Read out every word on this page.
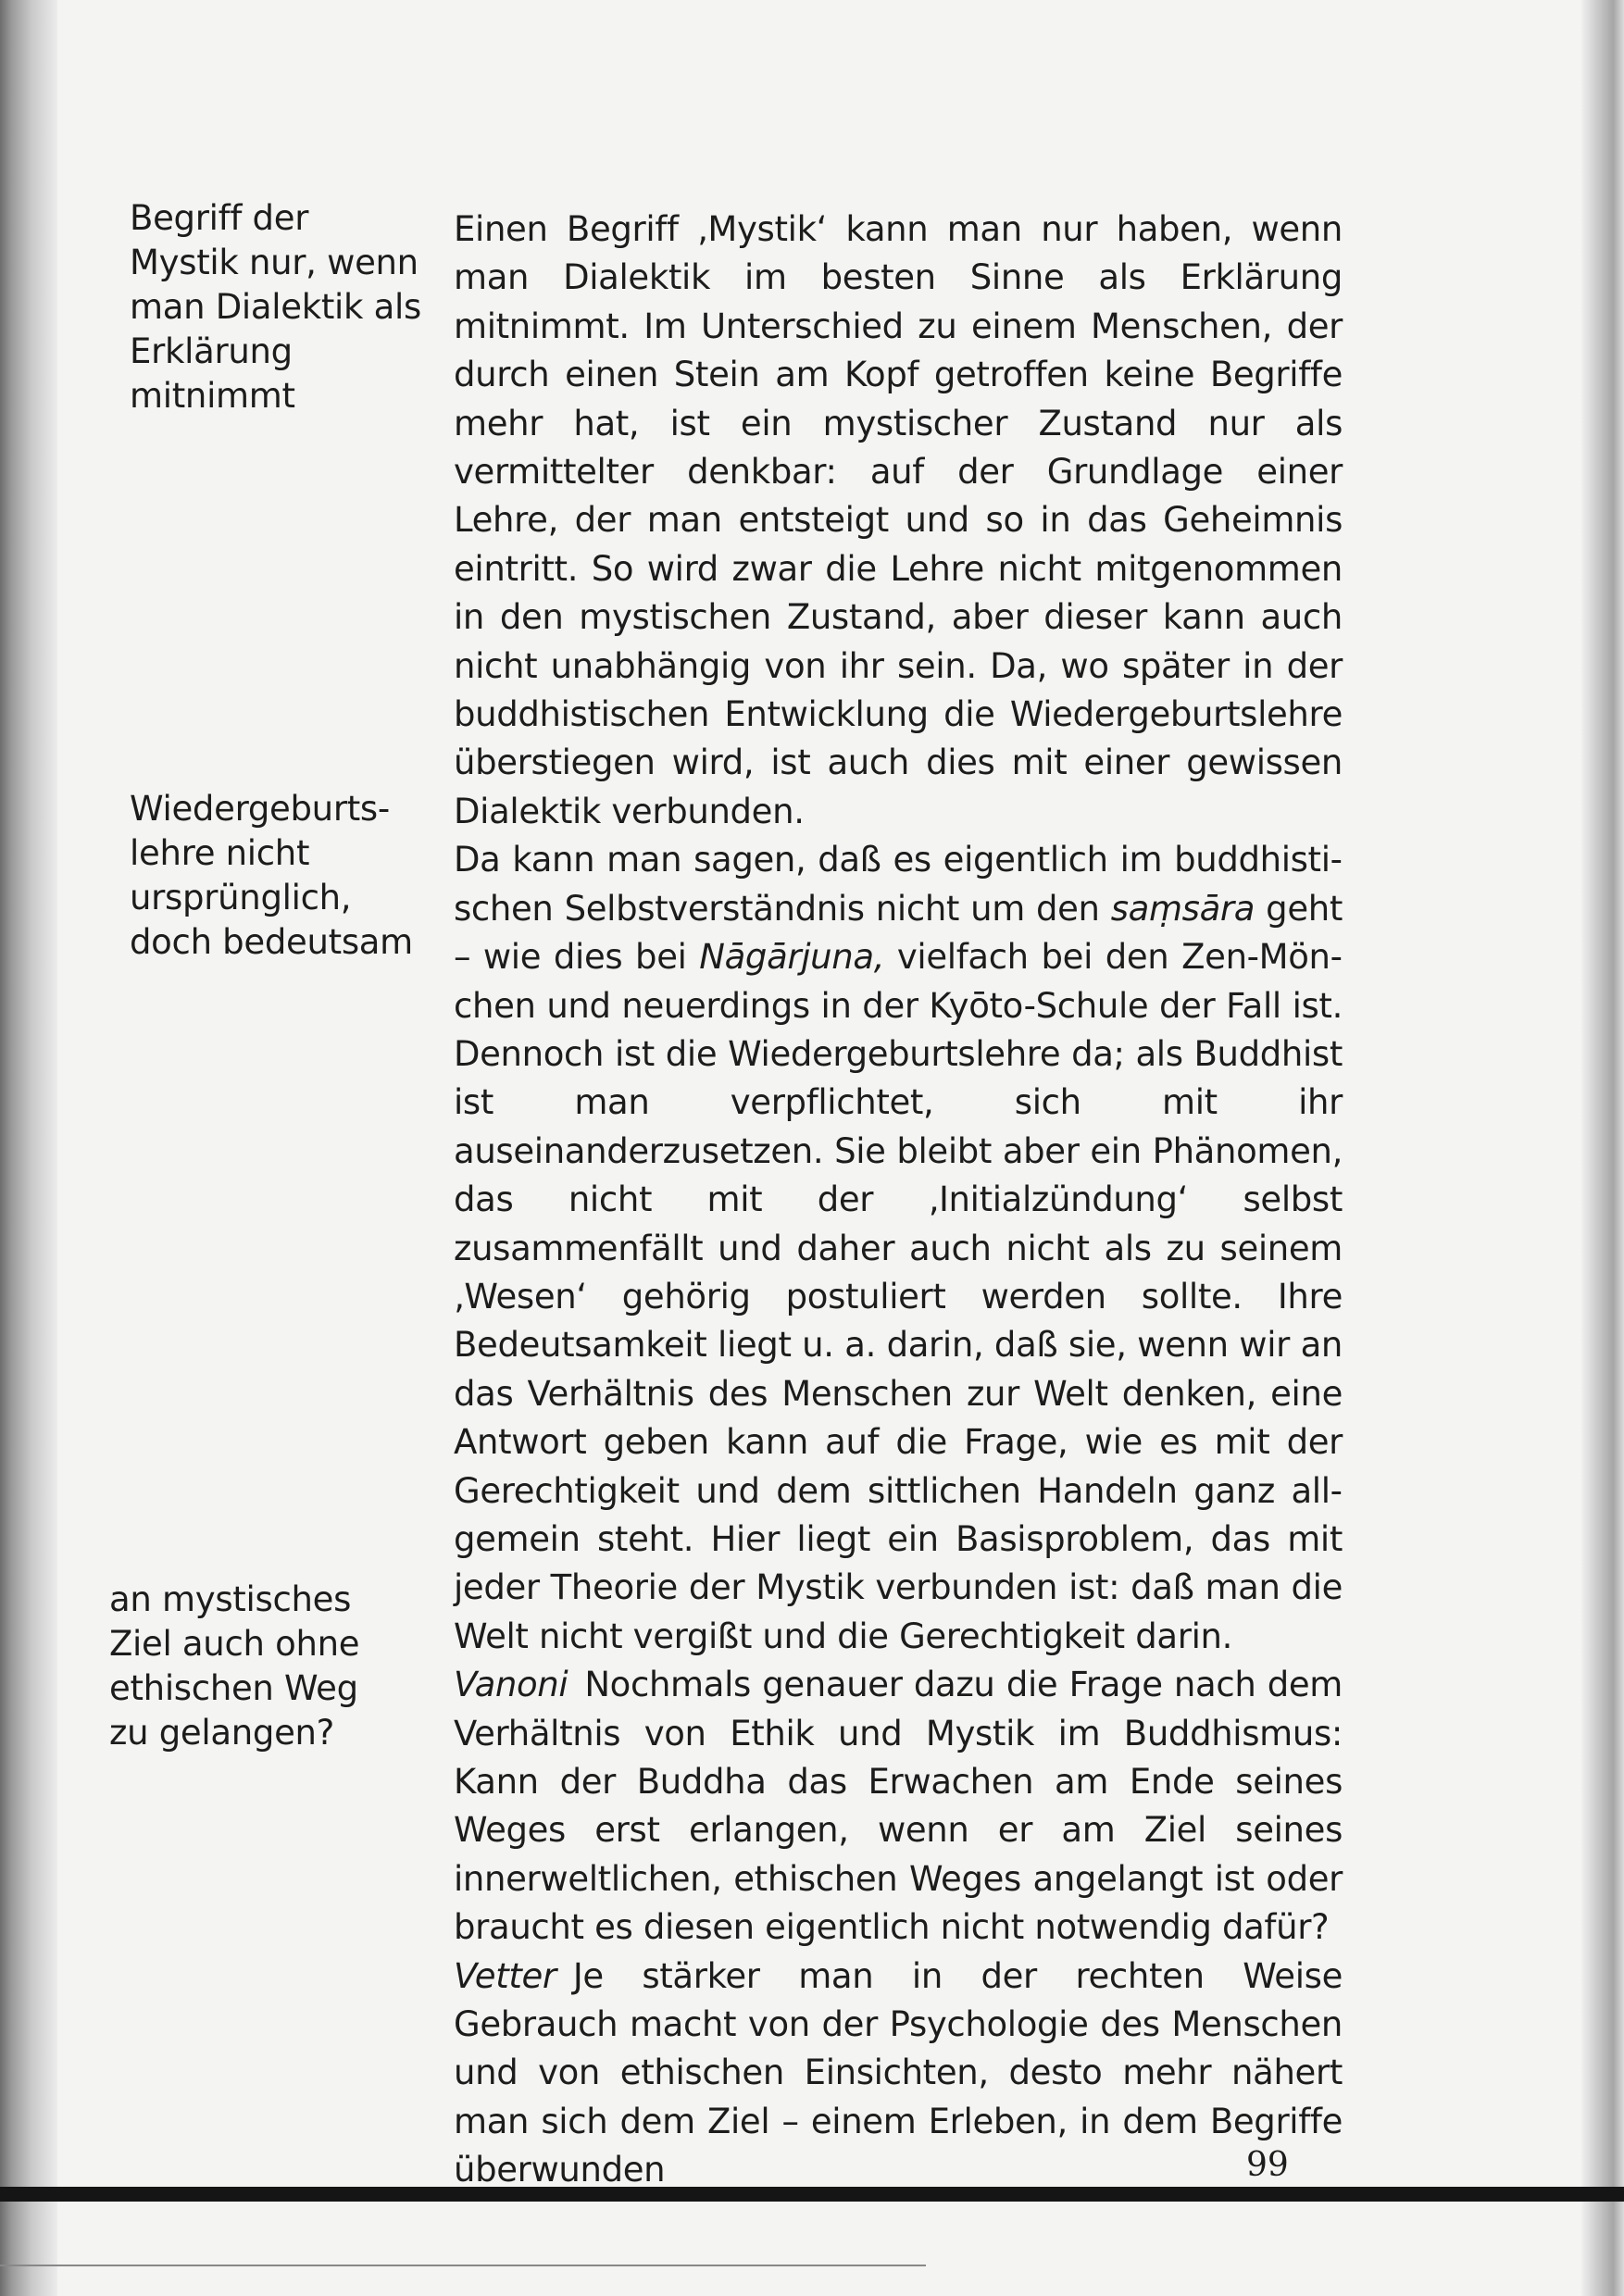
Begriff der Mystik nur, wenn man Dialektik als Erklärung mitnimmt
Wiedergeburts- lehre nicht ursprünglich, doch bedeutsam
an mystisches Ziel auch ohne ethischen Weg zu gelangen?

Einen Begriff ‚Mystik‘ kann man nur haben, wenn man Dialektik im besten Sinne als Erklärung mitnimmt. Im Unterschied zu einem Menschen, der durch einen Stein am Kopf getroffen keine Begriffe mehr hat, ist ein mystischer Zustand nur als vermittelter denkbar: auf der Grundlage einer Lehre, der man entsteigt und so in das Geheimnis eintritt. So wird zwar die Lehre nicht mitgenommen in den mystischen Zustand, aber dieser kann auch nicht unabhängig von ihr sein. Da, wo später in der buddhistischen Entwicklung die Wiedergeburtslehre überstiegen wird, ist auch dies mit einer gewissen Dialektik verbunden.

Da kann man sagen, daß es eigentlich im buddhistischen Selbstverständnis nicht um den saṃsāra geht – wie dies bei Nāgārjuna, vielfach bei den Zen-Mönchen und neuerdings in der Kyōto-Schule der Fall ist. Dennoch ist die Wiedergeburtslehre da; als Buddhist ist man verpflichtet, sich mit ihr auseinanderzusetzen. Sie bleibt aber ein Phänomen, das nicht mit der ‚Initialzündung‘ selbst zusammenfällt und daher auch nicht als zu seinem ‚Wesen‘ gehörig postuliert werden sollte. Ihre Bedeutsamkeit liegt u. a. darin, daß sie, wenn wir an das Verhältnis des Menschen zur Welt denken, eine Antwort geben kann auf die Frage, wie es mit der Gerechtigkeit und dem sittlichen Handeln ganz allgemein steht. Hier liegt ein Basisproblem, das mit jeder Theorie der Mystik verbunden ist: daß man die Welt nicht vergißt und die Gerechtigkeit darin.

Vanoni Nochmals genauer dazu die Frage nach dem Verhältnis von Ethik und Mystik im Buddhismus: Kann der Buddha das Erwachen am Ende seines Weges erst erlangen, wenn er am Ziel seines innerweltlichen, ethischen Weges angelangt ist oder braucht es diesen eigentlich nicht notwendig dafür?

Vetter Je stärker man in der rechten Weise Gebrauch macht von der Psychologie des Menschen und von ethischen Einsichten, desto mehr nähert man sich dem Ziel – einem Erleben, in dem Begriffe überwunden	99
